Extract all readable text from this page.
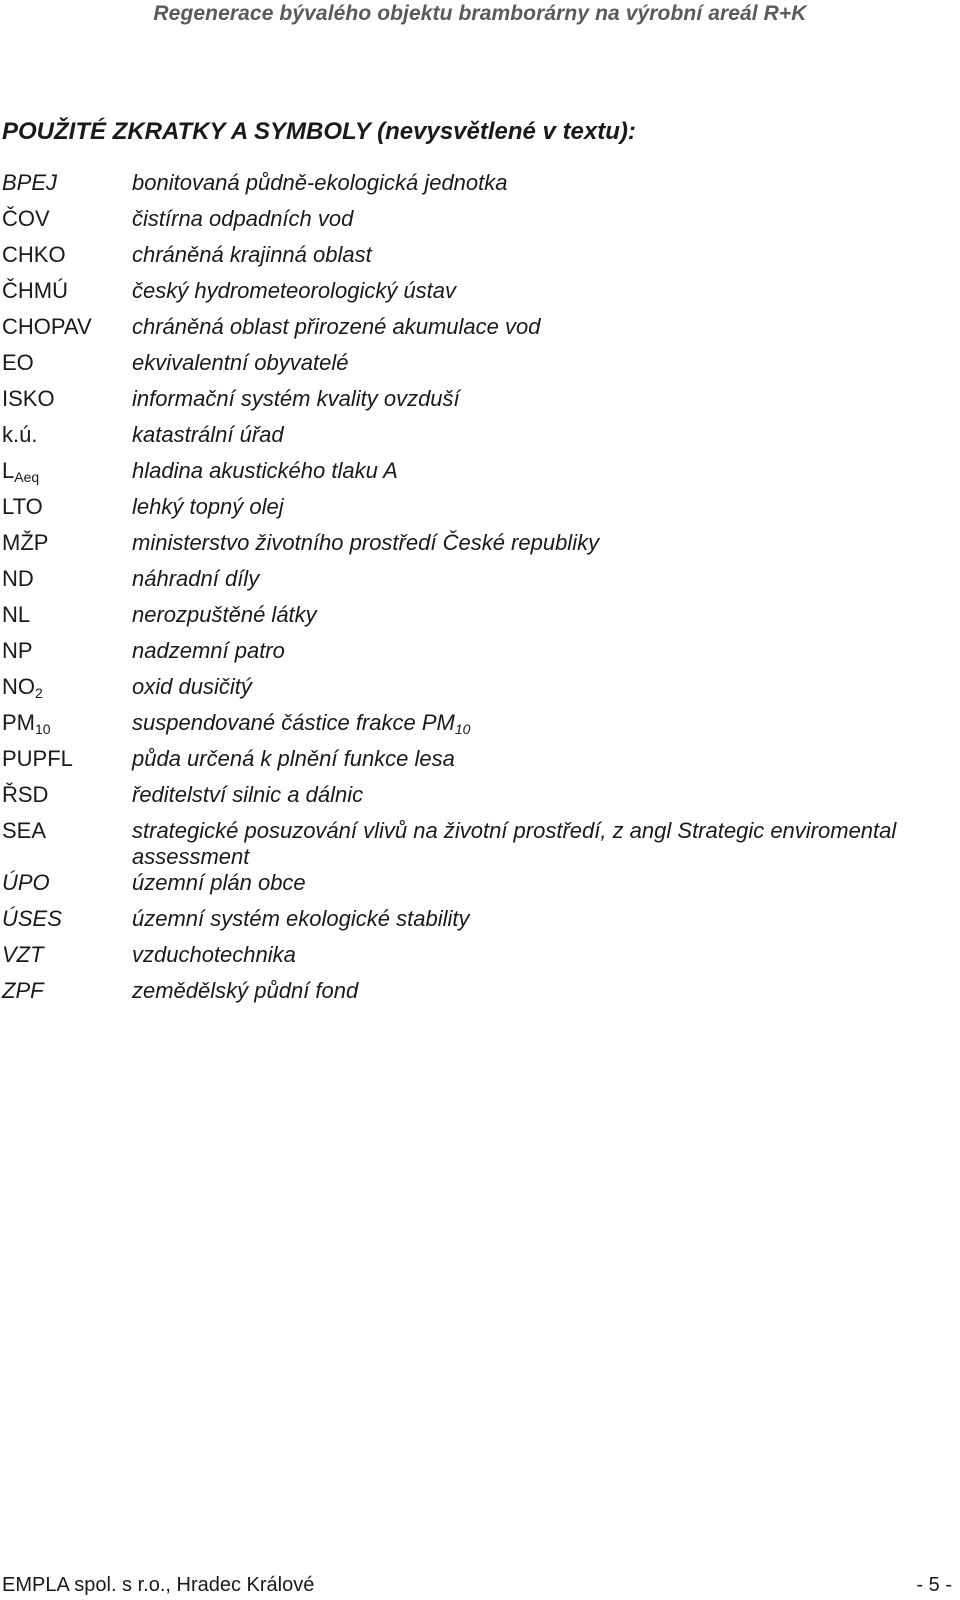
Regenerace bývalého objektu bramborárny na výrobní areál R+K
POUŽITÉ ZKRATKY A SYMBOLY (nevysvětlené v textu):
BPEJ	bonitovaná půdně-ekologická jednotka
ČOV	čistírna odpadních vod
CHKO	chráněná krajinná oblast
ČHMÚ	český hydrometeorologický ústav
CHOPAV	chráněná oblast přirozené akumulace vod
EO	ekvivalentní obyvatelé
ISKO	informační systém kvality ovzduší
k.ú.	katastrální úřad
$L_{Aeq}$	hladina akustického tlaku A
LTO	lehký topný olej
MŽP	ministerstvo životního prostředí České republiky
ND	náhradní díly
NL	nerozpuštěné látky
NP	nadzemní patro
$NO_2$	oxid dusičitý
$PM_{10}$	suspendované částice frakce $PM_{10}$
PUPFL	půda určená k plnění funkce lesa
ŘSD	ředitelství silnic a dálnic
SEA	strategické posuzování vlivů na životní prostředí, z angl Strategic enviromental assessment
ÚPO	územní plán obce
ÚSES	územní systém ekologické stability
VZT	vzduchotechnika
ZPF	zemědělský půdní fond
EMPLA spol. s r.o., Hradec Králové	- 5 -
